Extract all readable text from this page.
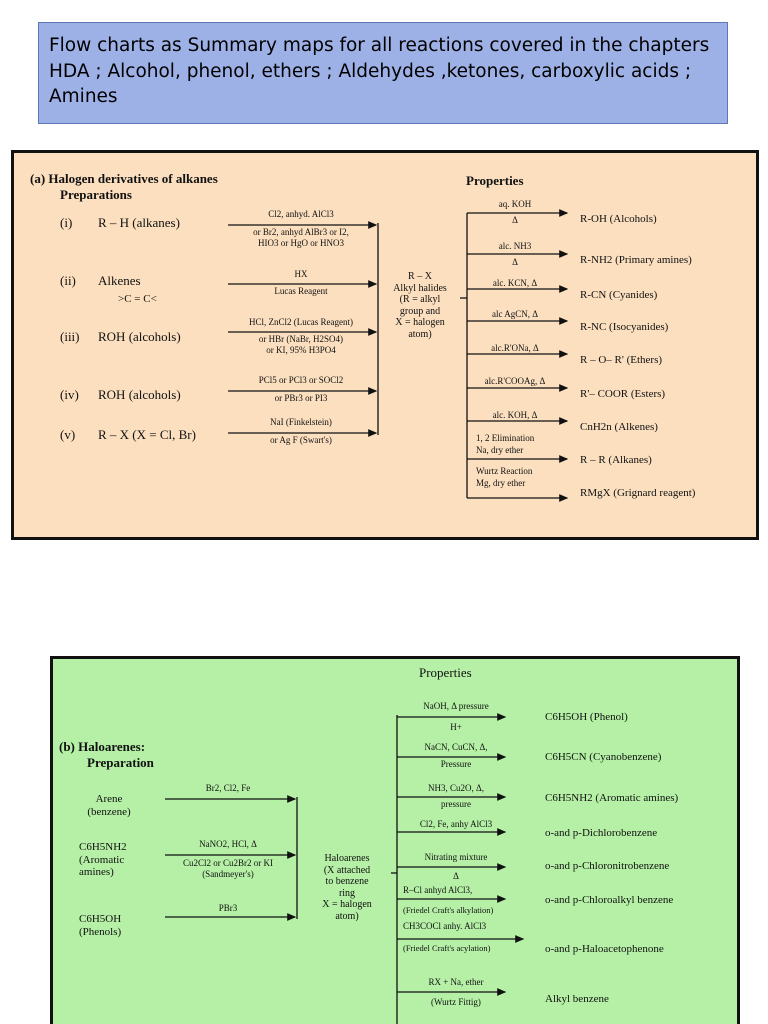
Flow charts as Summary maps for all reactions covered in the chapters HDA ; Alcohol, phenol, ethers ; Aldehydes ,ketones, carboxylic acids ; Amines
(a) Halogen derivatives of alkanes
Preparations
Properties
(i) R – H (alkanes)
(ii) Alkenes
>C = C<
(iii) ROH (alcohols)
(iv) ROH (alcohols)
(v) R – X (X = Cl, Br)
Cl2, anhyd. AlCl3
or Br2, anhyd AlBr3 or I2,
HIO3 or HgO or HNO3
HX
Lucas Reagent
HCl, ZnCl2 (Lucas Reagent)
or HBr (NaBr, H2SO4)
or KI, 95% H3PO4
PCl5 or PCl3 or SOCl2
or PBr3 or PI3
NaI (Finkelstein)
or Ag F (Swart's)
R – X
Alkyl halides
(R = alkyl
group and
X = halogen
atom)
aq. KOH
Δ
alc. NH3
Δ
alc. KCN, Δ
alc AgCN, Δ
alc.R'ONa, Δ
alc.R'COOAg, Δ
alc. KOH, Δ
1, 2 Elimination
Na, dry ether
Wurtz Reaction
Mg, dry ether
R-OH (Alcohols)
R-NH2 (Primary amines)
R-CN (Cyanides)
R-NC (Isocyanides)
R – O– R' (Ethers)
R'– COOR (Esters)
CnH2n (Alkenes)
R – R (Alkanes)
RMgX (Grignard reagent)
Properties
(b) Haloarenes:
Preparation
Arene
(benzene)
C6H5NH2
(Aromatic
amines)
C6H5OH
(Phenols)
Br2, Cl2, Fe
NaNO2, HCl, Δ
Cu2Cl2 or Cu2Br2 or KI
(Sandmeyer's)
PBr3
Haloarenes
(X attached
to benzene
ring
X = halogen
atom)
NaOH, Δ pressure
H+
NaCN, CuCN, Δ,
Pressure
NH3, Cu2O, Δ,
pressure
Cl2, Fe, anhy AlCl3
Nitrating mixture
Δ
R–Cl anhyd AlCl3,
(Friedel Craft's alkylation)
CH3COCl anhy. AlCl3
(Friedel Craft's acylation)
RX + Na, ether
(Wurtz Fittig)
C6H5OH (Phenol)
C6H5CN (Cyanobenzene)
C6H5NH2 (Aromatic amines)
o-and p-Dichlorobenzene
o-and p-Chloronitrobenzene
o-and p-Chloroalkyl benzene
o-and p-Haloacetophenone
Alkyl benzene
